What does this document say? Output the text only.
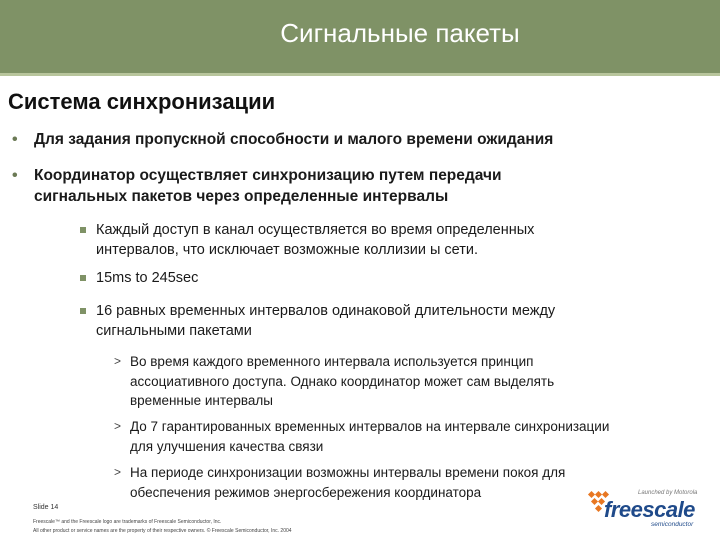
Сигнальные пакеты
Система синхронизации
• Для задания пропускной способности и малого времени ожидания
• Координатор осуществляет синхронизацию путем передачи
сигнальных пакетов через определенные интервалы
Каждый доступ в канал осуществляется во время определенных
интервалов, что исключает возможные коллизии ы сети.
15ms to 245sec
16 равных временных интервалов одинаковой длительности между
сигнальными пакетами
> Во время каждого временного интервала используется принцип
ассоциативного доступа. Однако координатор может сам выделять
временные интервалы
> До 7 гарантированных временных интервалов на интервале синхронизации
для улучшения качества связи
> На периоде синхронизации возможны интервалы времени покоя для
обеспечения режимов энергосбережения координатора
Slide 14
Freescale™ and the Freescale logo are trademarks of Freescale Semiconductor, Inc.
All other product or service names are the property of their respective owners. © Freescale Semiconductor, Inc. 2004
Launched by Motorola
freescale
semiconductor
